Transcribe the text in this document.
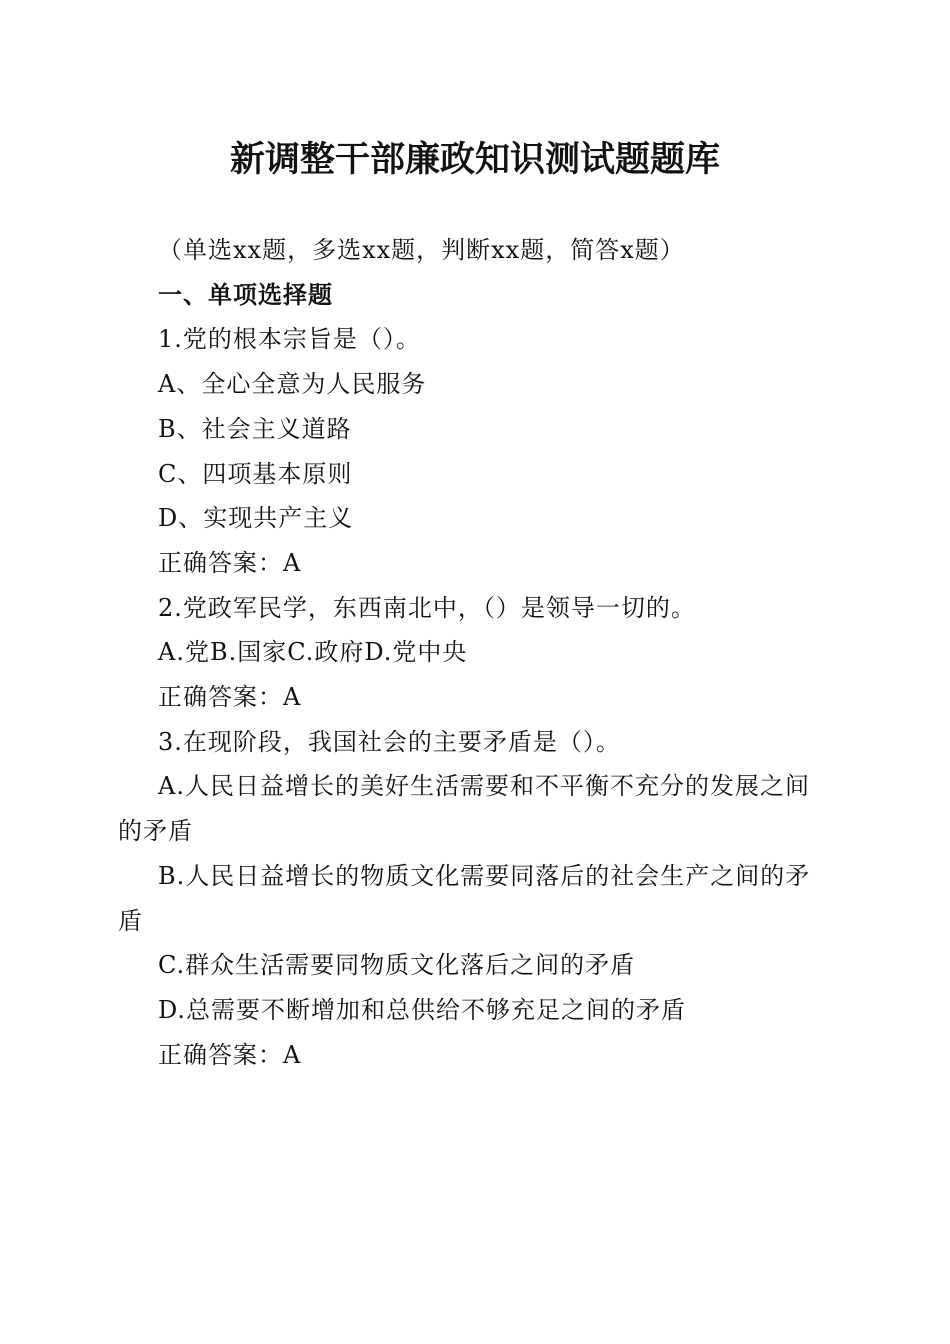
新调整干部廉政知识测试题题库

（单选xx题，多选xx题，判断xx题，简答x题）

一、单项选择题

1.党的根本宗旨是（）。

A、全心全意为人民服务

B、社会主义道路

C、四项基本原则

D、实现共产主义

正确答案：A

2.党政军民学，东西南北中，（）是领导一切的。

A.党B.国家C.政府D.党中央

正确答案：A

3.在现阶段，我国社会的主要矛盾是（）。

A.人民日益增长的美好生活需要和不平衡不充分的发展之间的矛盾

B.人民日益增长的物质文化需要同落后的社会生产之间的矛盾

C.群众生活需要同物质文化落后之间的矛盾

D.总需要不断增加和总供给不够充足之间的矛盾

正确答案：A
